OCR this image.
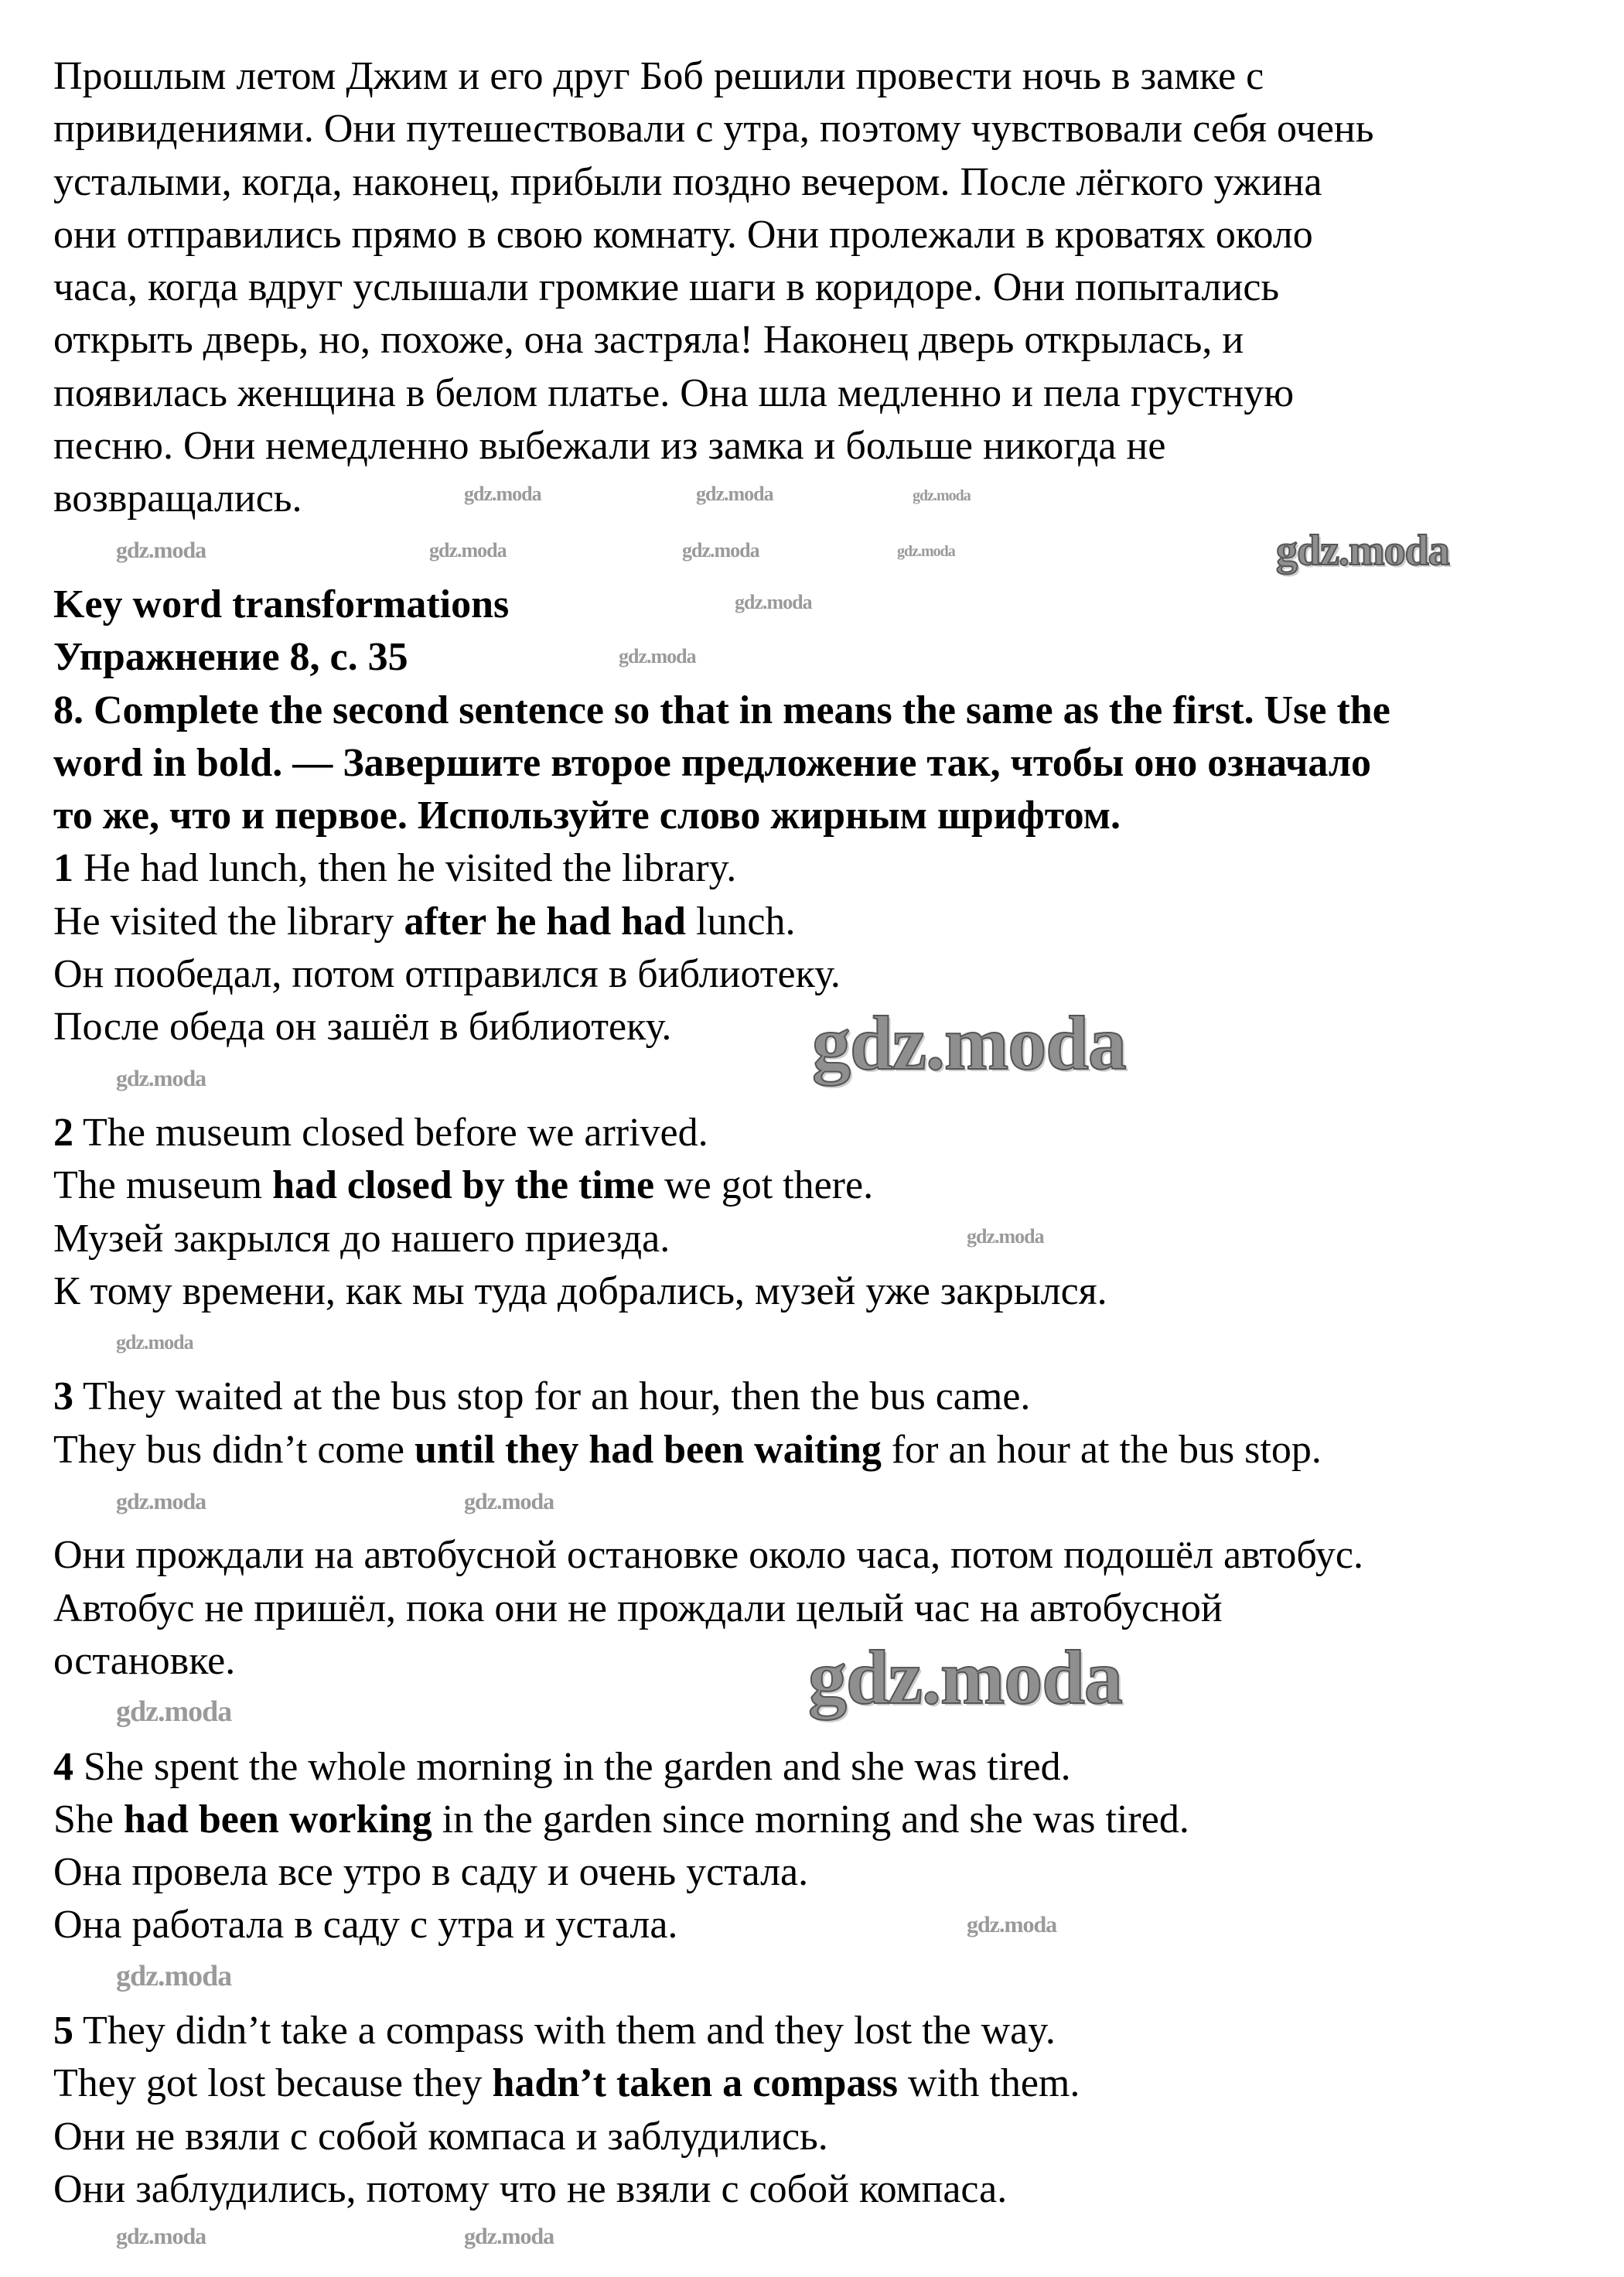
Прошлым летом Джим и его друг Боб решили провести ночь в замке с
привидениями. Они путешествовали с утра, поэтому чувствовали себя очень
усталыми, когда, наконец, прибыли поздно вечером. После лёгкого ужина
они отправились прямо в свою комнату. Они пролежали в кроватях около
часа, когда вдруг услышали громкие шаги в коридоре. Они попытались
открыть дверь, но, похоже, она застряла! Наконец дверь открылась, и
появилась женщина в белом платье. Она шла медленно и пела грустную
песню. Они немедленно выбежали из замка и больше никогда не
возвращались.
Key word transformations
Упражнение 8, с. 35
8. Complete the second sentence so that in means the same as the first. Use the
word in bold. — Завершите второе предложение так, чтобы оно означало
то же, что и первое. Используйте слово жирным шрифтом.
1 He had lunch, then he visited the library.
He visited the library after he had had lunch.
Он пообедал, потом отправился в библиотеку.
После обеда он зашёл в библиотеку.
2 The museum closed before we arrived.
The museum had closed by the time we got there.
Музей закрылся до нашего приезда.
К тому времени, как мы туда добрались, музей уже закрылся.
3 They waited at the bus stop for an hour, then the bus came.
They bus didn’t come until they had been waiting for an hour at the bus stop.
Они прождали на автобусной остановке около часа, потом подошёл автобус.
Автобус не пришёл, пока они не прождали целый час на автобусной
остановке.
4 She spent the whole morning in the garden and she was tired.
She had been working in the garden since morning and she was tired.
Она провела все утро в саду и очень устала.
Она работала в саду с утра и устала.
5 They didn’t take a compass with them and they lost the way.
They got lost because they hadn’t taken a compass with them.
Они не взяли с собой компаса и заблудились.
Они заблудились, потому что не взяли с собой компаса.
gdz.moda	gdz.moda	gdz.moda
gdz.moda	gdz.moda	gdz.moda	gdz.moda	gdz.moda
gdz.moda
gdz.moda
gdz.moda
gdz.moda
gdz.moda
gdz.moda
gdz.moda	gdz.moda
gdz.moda
gdz.moda
gdz.moda
gdz.moda
gdz.moda	gdz.moda
